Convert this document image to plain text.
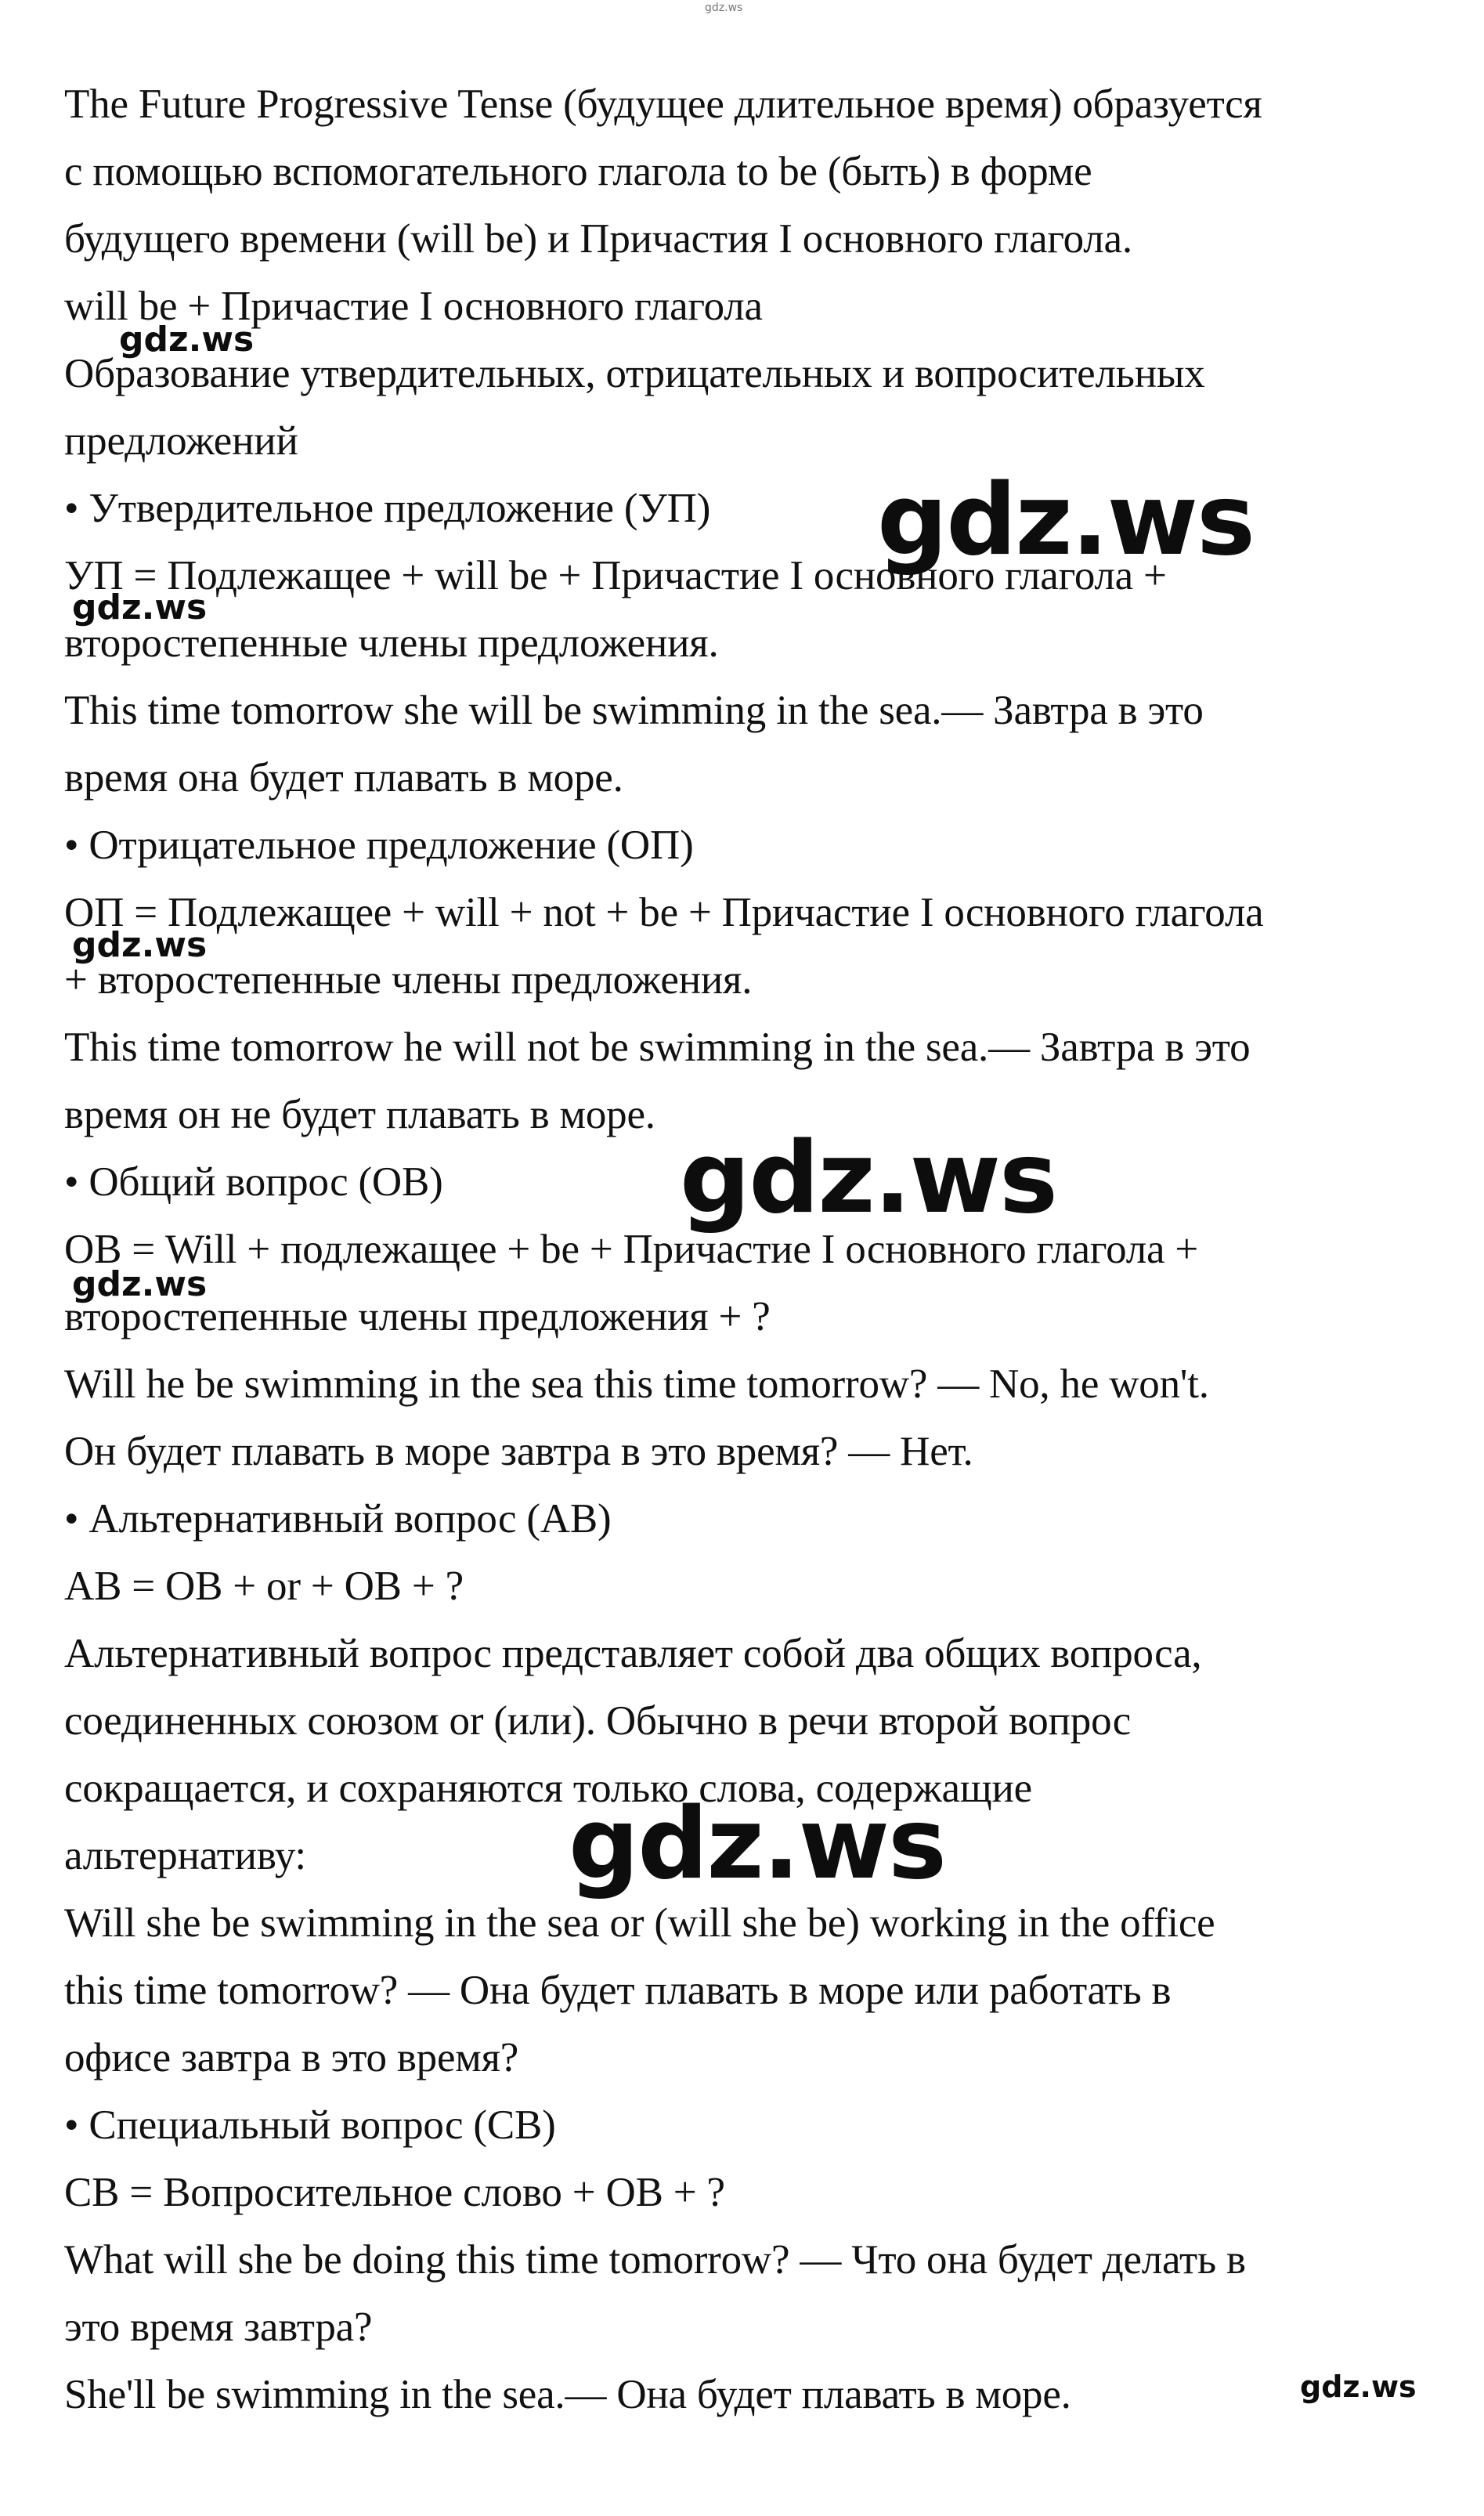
gdz.ws

The Future Progressive Tense (будущее длительное время) образуется

с помощью вспомогательного глагола to be (быть) в форме

будущего времени (will be) и Причастия I основного глагола.

will be + Причастие I основного глагола

Образование утвердительных, отрицательных и вопросительных

предложений

• Утвердительное предложение (УП)

УП = Подлежащее + will be + Причастие I основного глагола +

второстепенные члены предложения.

This time tomorrow she will be swimming in the sea.— Завтра в это

время она будет плавать в море.

• Отрицательное предложение (ОП)

ОП = Подлежащее + will + not + be + Причастие I основного глагола

+ второстепенные члены предложения.

This time tomorrow he will not be swimming in the sea.— Завтра в это

время он не будет плавать в море.

• Общий вопрос (ОВ)

ОВ = Will + подлежащее + be + Причастие I основного глагола +

второстепенные члены предложения + ?

Will he be swimming in the sea this time tomorrow? — No, he won't.

Он будет плавать в море завтра в это время? — Нет.

• Альтернативный вопрос (АВ)

АВ = ОВ + or + ОВ + ?

Альтернативный вопрос представляет собой два общих вопроса,

соединенных союзом or (или). Обычно в речи второй вопрос

сокращается, и сохраняются только слова, содержащие

альтернативу:

Will she be swimming in the sea or (will she be) working in the office

this time tomorrow? — Она будет плавать в море или работать в

офисе завтра в это время?

• Специальный вопрос (СВ)

СВ = Вопросительное слово + ОВ + ?

What will she be doing this time tomorrow? — Что она будет делать в

это время завтра?

She'll be swimming in the sea.— Она будет плавать в море.

gdz.ws
gdz.ws
gdz.ws
gdz.ws
gdz.ws
gdz.ws
gdz.ws
gdz.ws
